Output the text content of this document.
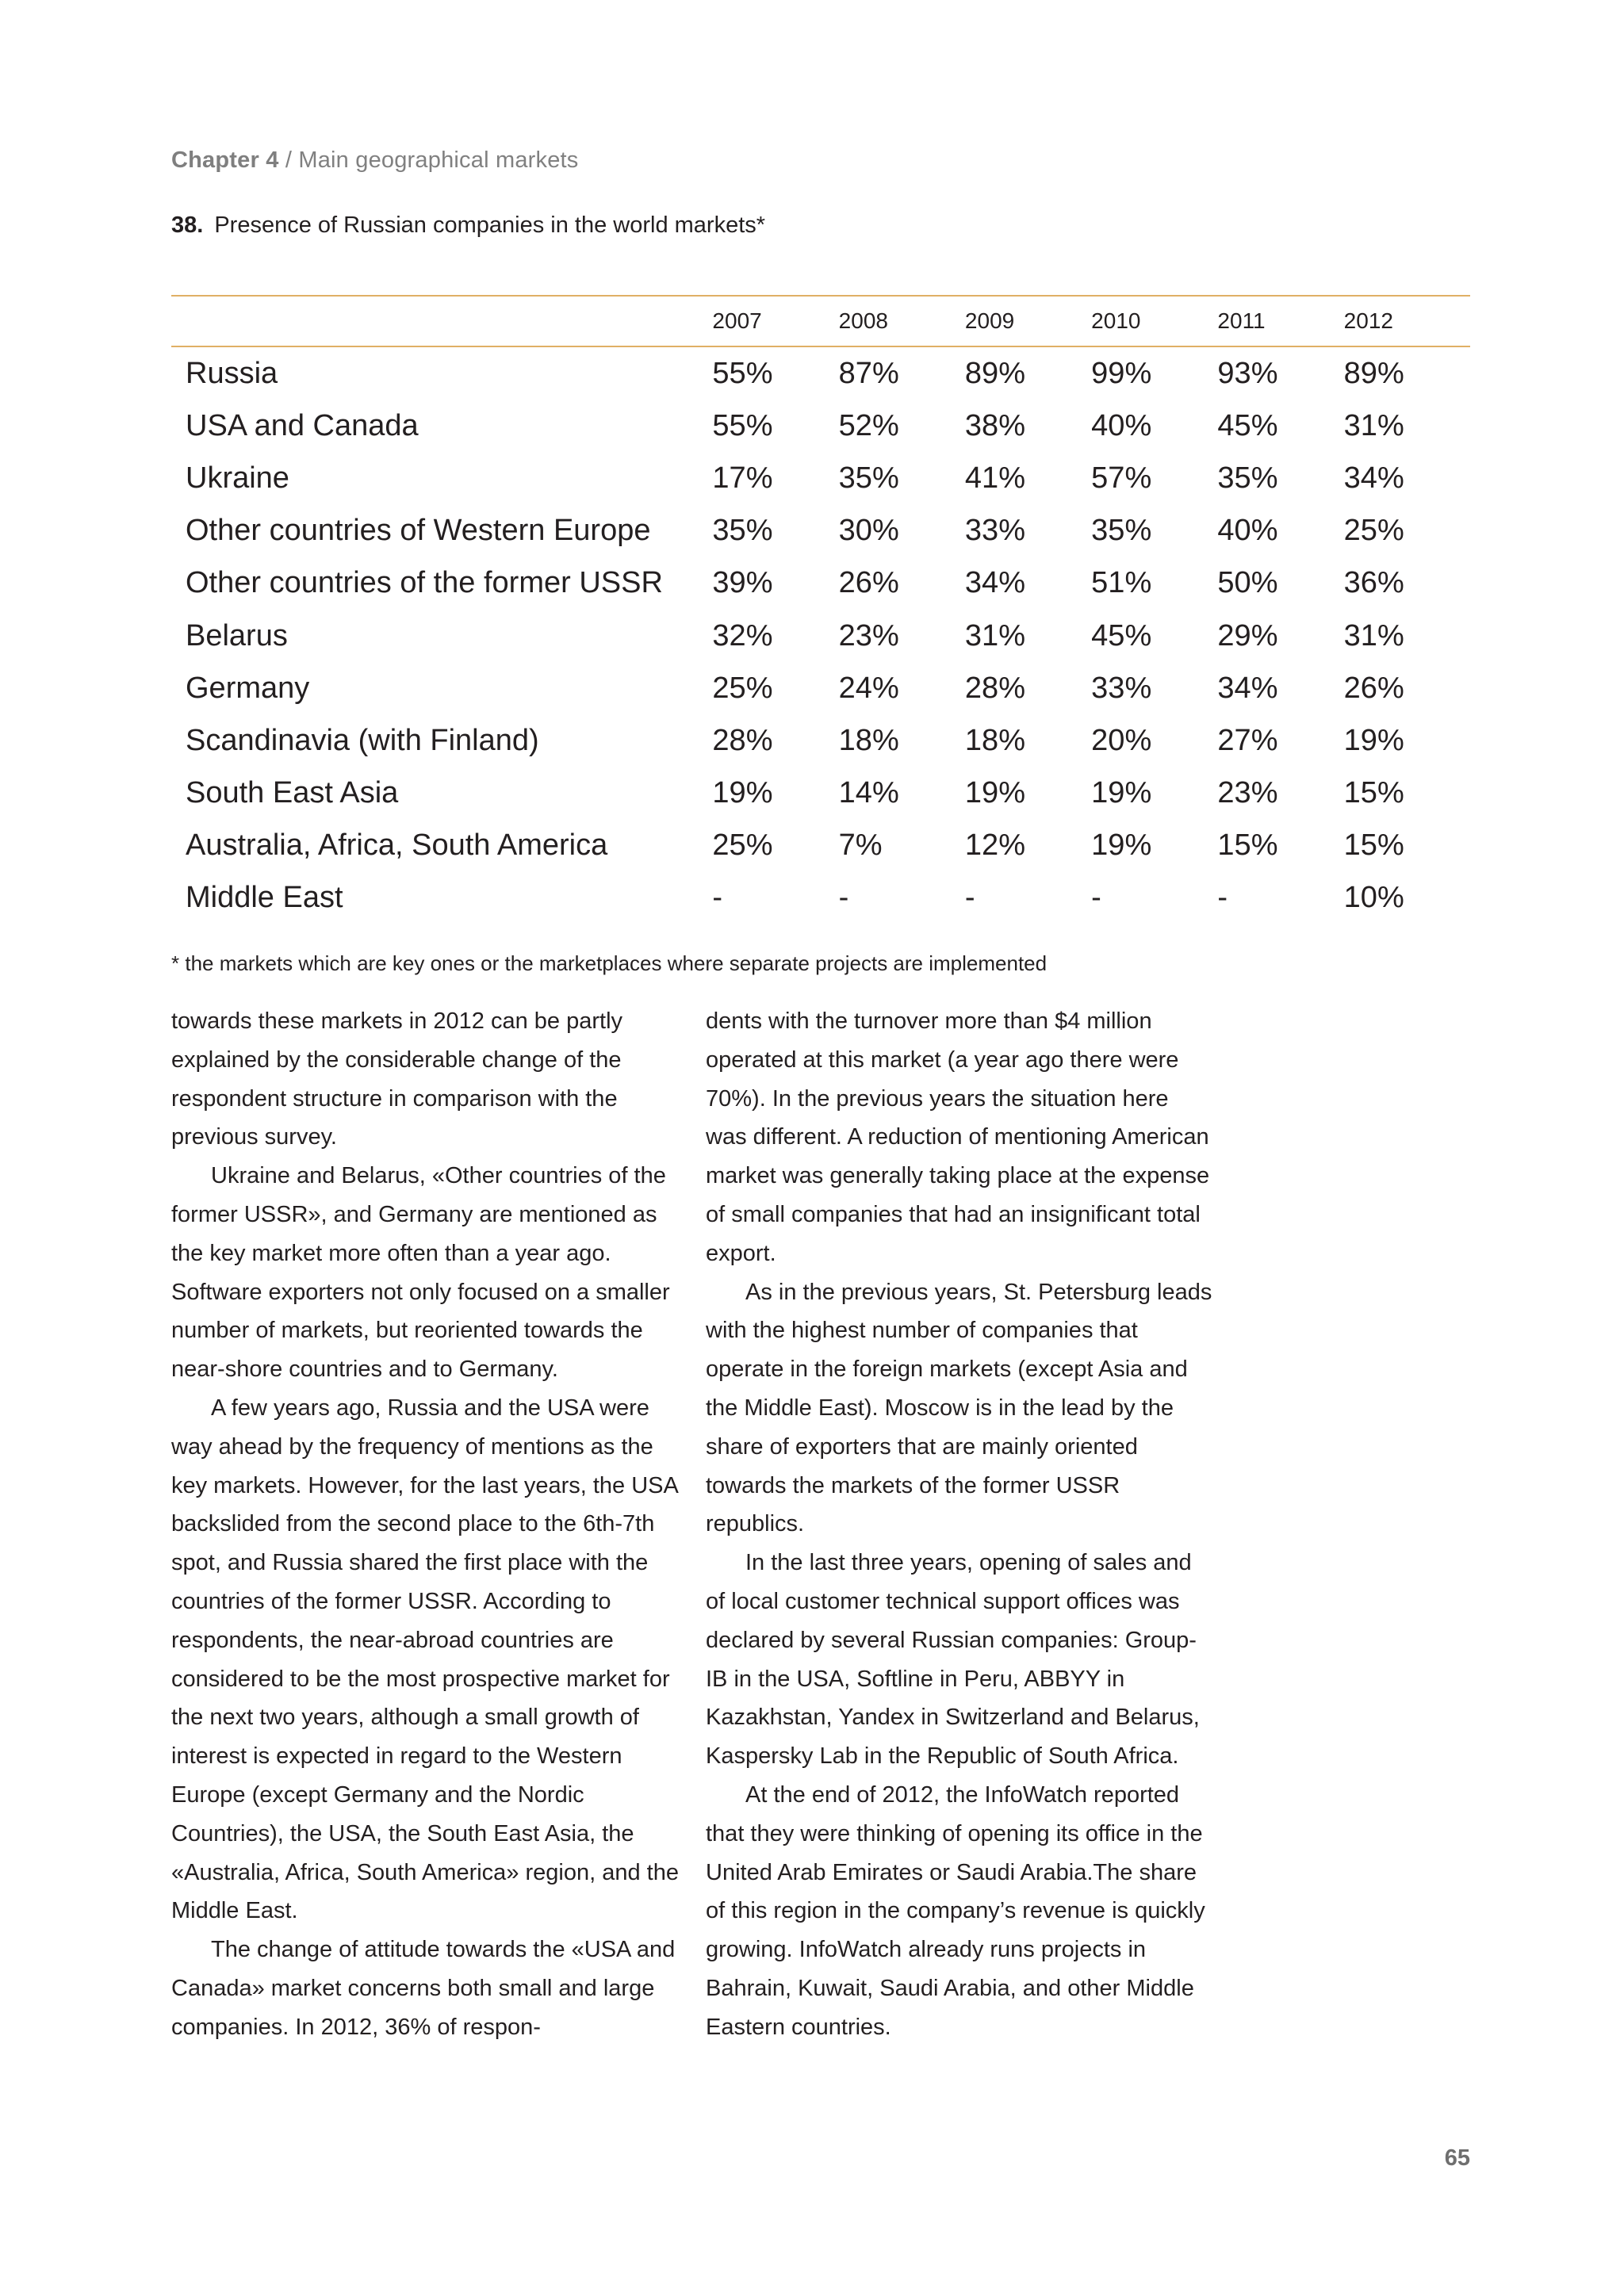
Chapter 4 / Main geographical markets
38. Presence of Russian companies in the world markets*
	2007	2008	2009	2010	2011	2012
Russia	55%	87%	89%	99%	93%	89%
USA and Canada	55%	52%	38%	40%	45%	31%
Ukraine	17%	35%	41%	57%	35%	34%
Other countries of Western Europe	35%	30%	33%	35%	40%	25%
Other countries of the former USSR	39%	26%	34%	51%	50%	36%
Belarus	32%	23%	31%	45%	29%	31%
Germany	25%	24%	28%	33%	34%	26%
Scandinavia (with Finland)	28%	18%	18%	20%	27%	19%
South East Asia	19%	14%	19%	19%	23%	15%
Australia, Africa, South America	25%	7%	12%	19%	15%	15%
Middle East	-	-	-	-	-	10%
* the markets which are key ones or the marketplaces where separate projects are implemented

towards these markets in 2012 can be partly explained by the considerable change of the respondent structure in comparison with the previous survey.

Ukraine and Belarus, «Other countries of the former USSR», and Germany are mentioned as the key market more often than a year ago. Software exporters not only focused on a smaller number of markets, but reoriented towards the near-shore countries and to Germany.

A few years ago, Russia and the USA were way ahead by the frequency of mentions as the key markets. However, for the last years, the USA backslided from the second place to the 6th-7th spot, and Russia shared the first place with the countries of the former USSR. According to respondents, the near-abroad countries are considered to be the most prospective market for the next two years, although a small growth of interest is expected in regard to the Western Europe (except Germany and the Nordic Countries), the USA, the South East Asia, the «Australia, Africa, South America» region, and the Middle East.

The change of attitude towards the «USA and Canada» market concerns both small and large companies. In 2012, 36% of respon-

dents with the turnover more than $4 million operated at this market (a year ago there were 70%). In the previous years the situation here was different. A reduction of mentioning American market was generally taking place at the expense of small companies that had an insignificant total export.

As in the previous years, St. Petersburg leads with the highest number of companies that operate in the foreign markets (except Asia and the Middle East). Moscow is in the lead by the share of exporters that are mainly oriented towards the markets of the former USSR republics.

In the last three years, opening of sales and of local customer technical support offices was declared by several Russian companies: Group-IB in the USA, Softline in Peru, ABBYY in Kazakhstan, Yandex in Switzerland and Belarus, Kaspersky Lab in the Republic of South Africa.

At the end of 2012, the InfoWatch reported that they were thinking of opening its office in the United Arab Emirates or Saudi Arabia.The share of this region in the company’s revenue is quickly growing. InfoWatch already runs projects in Bahrain, Kuwait, Saudi Arabia, and other Middle Eastern countries.

65
